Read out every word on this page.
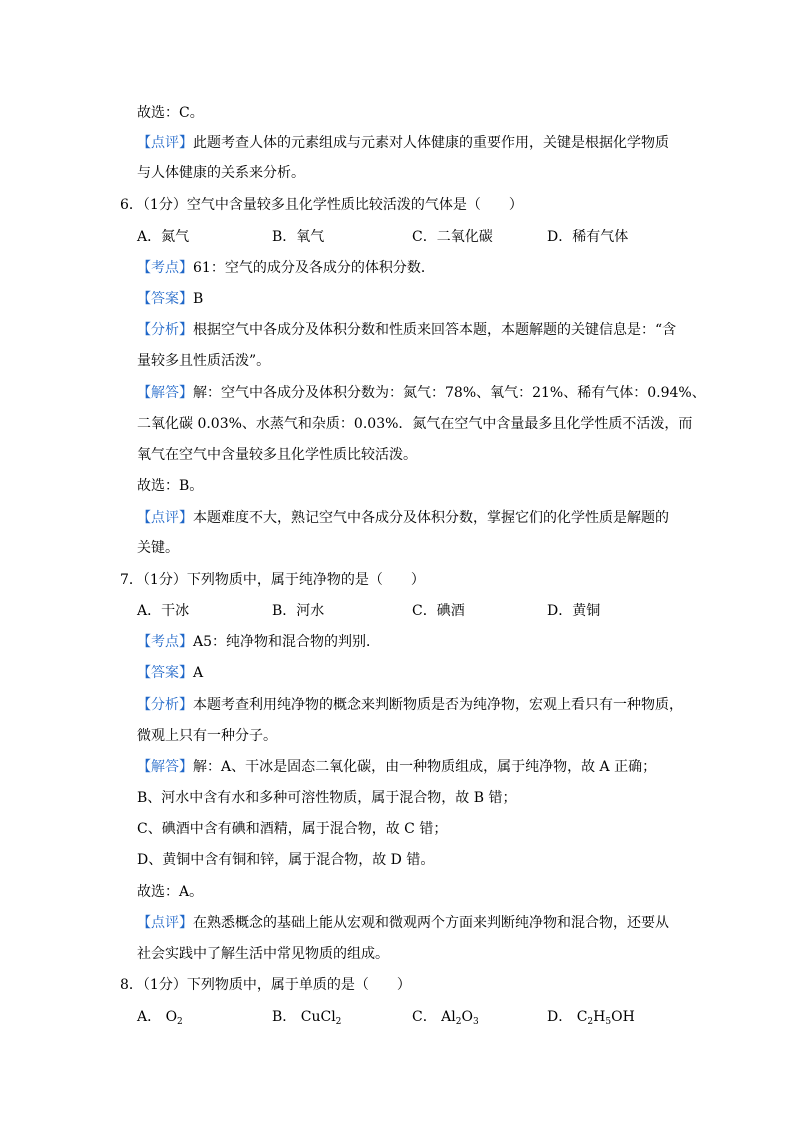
故选：C。
【点评】此题考查人体的元素组成与元素对人体健康的重要作用，关键是根据化学物质
与人体健康的关系来分析。
6．（1分）空气中含量较多且化学性质比较活泼的气体是（　　）
A．氮气	B．氧气	C．二氧化碳	D．稀有气体
【考点】61：空气的成分及各成分的体积分数．
【答案】B
【分析】根据空气中各成分及体积分数和性质来回答本题，本题解题的关键信息是：“含
量较多且性质活泼”。
【解答】解：空气中各成分及体积分数为：氮气：78%、氧气：21%、稀有气体：0.94%、
二氧化碳 0.03%、水蒸气和杂质：0.03%．氮气在空气中含量最多且化学性质不活泼，而
氧气在空气中含量较多且化学性质比较活泼。
故选：B。
【点评】本题难度不大，熟记空气中各成分及体积分数，掌握它们的化学性质是解题的
关键。
7．（1分）下列物质中，属于纯净物的是（　　）
A．干冰	B．河水	C．碘酒	D．黄铜
【考点】A5：纯净物和混合物的判别．
【答案】A
【分析】本题考查利用纯净物的概念来判断物质是否为纯净物，宏观上看只有一种物质，
微观上只有一种分子。
【解答】解：A、干冰是固态二氧化碳，由一种物质组成，属于纯净物，故 A 正确；
B、河水中含有水和多种可溶性物质，属于混合物，故 B 错；
C、碘酒中含有碘和酒精，属于混合物，故 C 错；
D、黄铜中含有铜和锌，属于混合物，故 D 错。
故选：A。
【点评】在熟悉概念的基础上能从宏观和微观两个方面来判断纯净物和混合物，还要从
社会实践中了解生活中常见物质的组成。
8．（1分）下列物质中，属于单质的是（　　）
A． $O_2$	B． CuCl$_2$	C． $Al_2O_3$	D． $C_2H_5OH$
